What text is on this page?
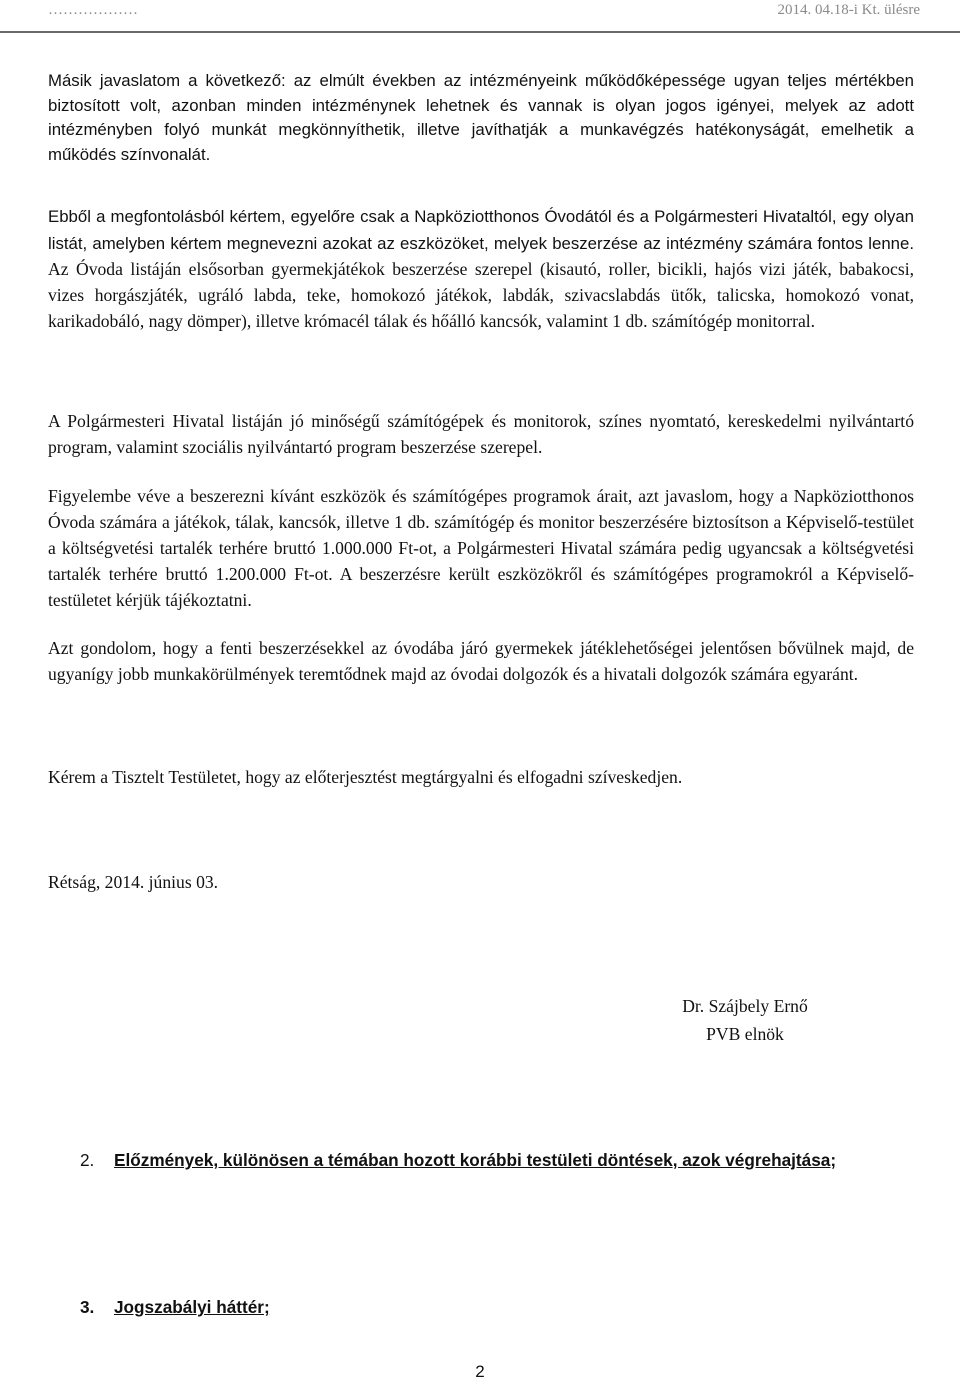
………………	2014. 04.18-i Kt. ülésre

Másik javaslatom a következő: az elmúlt években az intézményeink működőképessége ugyan teljes mértékben biztosított volt, azonban minden intézménynek lehetnek és vannak is olyan jogos igényei, melyek az adott intézményben folyó munkát megkönnyíthetik, illetve javíthatják a munkavégzés hatékonyságát, emelhetik a működés színvonalát.

Ebből a megfontolásból kértem, egyelőre csak a Napköziotthonos Óvodától és a Polgármesteri Hivataltól, egy olyan listát, amelyben kértem megnevezni azokat az eszközöket, melyek beszerzése az intézmény számára fontos lenne. Az Óvoda listáján elsősorban gyermekjátékok beszerzése szerepel (kisautó, roller, bicikli, hajós vizi játék, babakocsi, vizes horgászjáték, ugráló labda, teke, homokozó játékok, labdák, szivacslabdás ütők, talicska, homokozó vonat, karikadobáló, nagy dömper), illetve krómacél tálak és hőálló kancsók, valamint 1 db. számítógép monitorral.

A Polgármesteri Hivatal listáján jó minőségű számítógépek és monitorok, színes nyomtató, kereskedelmi nyilvántartó program, valamint szociális nyilvántartó program beszerzése szerepel.

Figyelembe véve a beszerezni kívánt eszközök és számítógépes programok árait, azt javaslom, hogy a Napköziotthonos Óvoda számára a játékok, tálak, kancsók, illetve 1 db. számítógép és monitor beszerzésére biztosítson a Képviselő-testület a költségvetési tartalék terhére bruttó 1.000.000 Ft-ot, a Polgármesteri Hivatal számára pedig ugyancsak a költségvetési tartalék terhére bruttó 1.200.000 Ft-ot. A beszerzésre került eszközökről és számítógépes programokról a Képviselő-testületet kérjük tájékoztatni.

Azt gondolom, hogy a fenti beszerzésekkel az óvodába járó gyermekek játéklehetőségei jelentősen bővülnek majd, de ugyanígy jobb munkakörülmények teremtődnek majd az óvodai dolgozók és a hivatali dolgozók számára egyaránt.

Kérem a Tisztelt Testületet, hogy az előterjesztést megtárgyalni és elfogadni szíveskedjen.

Rétság, 2014. június 03.

Dr. Szájbely Ernő
PVB elnök
2. Előzmények, különösen a témában hozott korábbi testületi döntések, azok végrehajtása;
3. Jogszabályi háttér;
2
